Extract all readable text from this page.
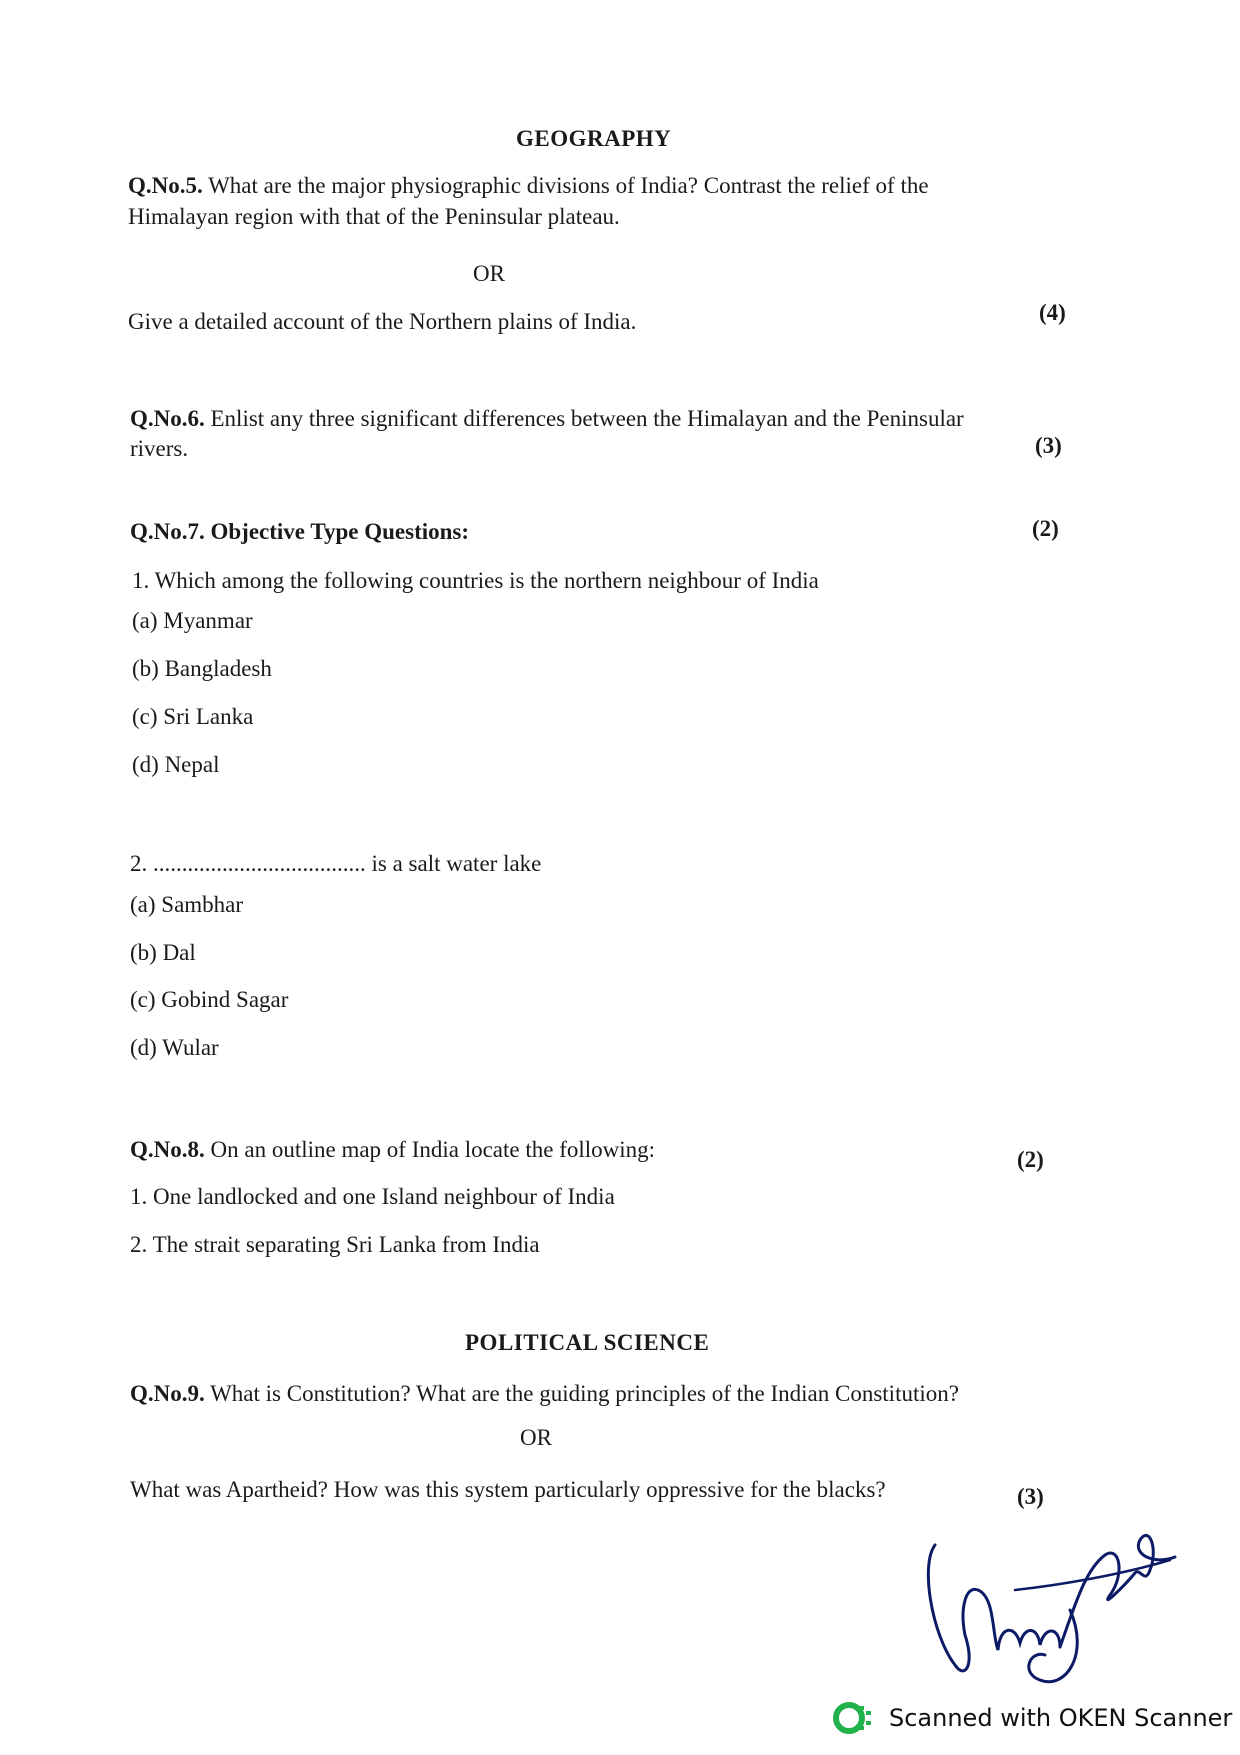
GEOGRAPHY
Q.No.5. What are the major physiographic divisions of India? Contrast the relief of the Himalayan region with that of the Peninsular plateau.
OR
Give a detailed account of the Northern plains of India.	(4)
Q.No.6. Enlist any three significant differences between the Himalayan and the Peninsular
rivers.	(3)
Q.No.7. Objective Type Questions:	(2)
1. Which among the following countries is the northern neighbour of India
(a) Myanmar
(b) Bangladesh
(c) Sri Lanka
(d) Nepal
2. ..................................... is a salt water lake
(a) Sambhar
(b) Dal
(c) Gobind Sagar
(d) Wular
Q.No.8. On an outline map of India locate the following:	(2)
1. One landlocked and one Island neighbour of India
2. The strait separating Sri Lanka from India
POLITICAL SCIENCE
Q.No.9. What is Constitution? What are the guiding principles of the Indian Constitution?
OR
What was Apartheid? How was this system particularly oppressive for the blacks?	(3)
Scanned with OKEN Scanner
